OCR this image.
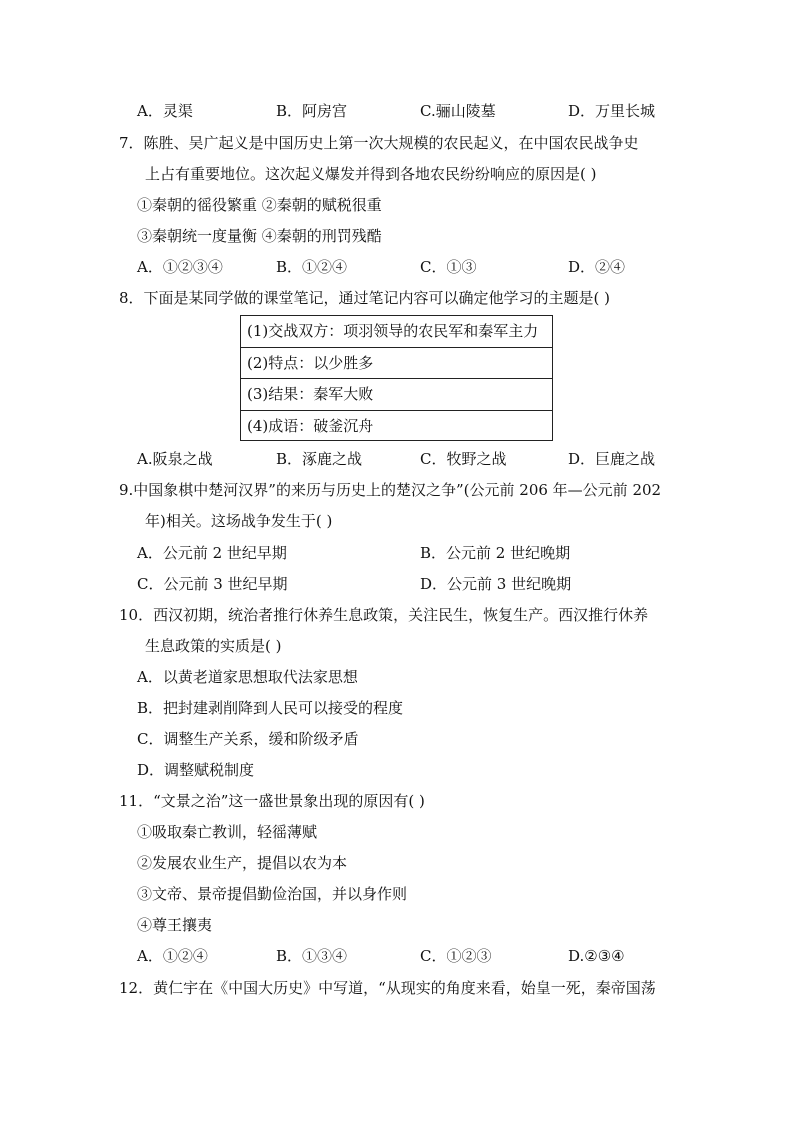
A．灵渠	B．阿房宫	C.骊山陵墓	D．万里长城
7．陈胜、吴广起义是中国历史上第一次大规模的农民起义，在中国农民战争史
上占有重要地位。这次起义爆发并得到各地农民纷纷响应的原因是( )
①秦朝的徭役繁重 ②秦朝的赋税很重
③秦朝统一度量衡 ④秦朝的刑罚残酷
A．①②③④	B．①②④	C．①③	D．②④
8．下面是某同学做的课堂笔记，通过笔记内容可以确定他学习的主题是( )
(1)交战双方：项羽领导的农民军和秦军主力
(2)特点：以少胜多
(3)结果：秦军大败
(4)成语：破釜沉舟
A.阪泉之战	B．涿鹿之战	C．牧野之战	D．巨鹿之战
9.中国象棋中楚河汉界”的来历与历史上的楚汉之争”(公元前 206 年—公元前 202
年)相关。这场战争发生于( )
A．公元前 2 世纪早期	B．公元前 2 世纪晚期
C．公元前 3 世纪早期	D．公元前 3 世纪晚期
10．西汉初期，统治者推行休养生息政策，关注民生，恢复生产。西汉推行休养
生息政策的实质是( )
A．以黄老道家思想取代法家思想
B．把封建剥削降到人民可以接受的程度
C．调整生产关系，缓和阶级矛盾
D．调整赋税制度
11．“文景之治”这一盛世景象出现的原因有( )
①吸取秦亡教训，轻徭薄赋
②发展农业生产，提倡以农为本
③文帝、景帝提倡勤俭治国，并以身作则
④尊王攘夷
A．①②④	B．①③④	C．①②③	D.②③④
12．黄仁宇在《中国大历史》中写道，“从现实的角度来看，始皇一死，秦帝国荡
